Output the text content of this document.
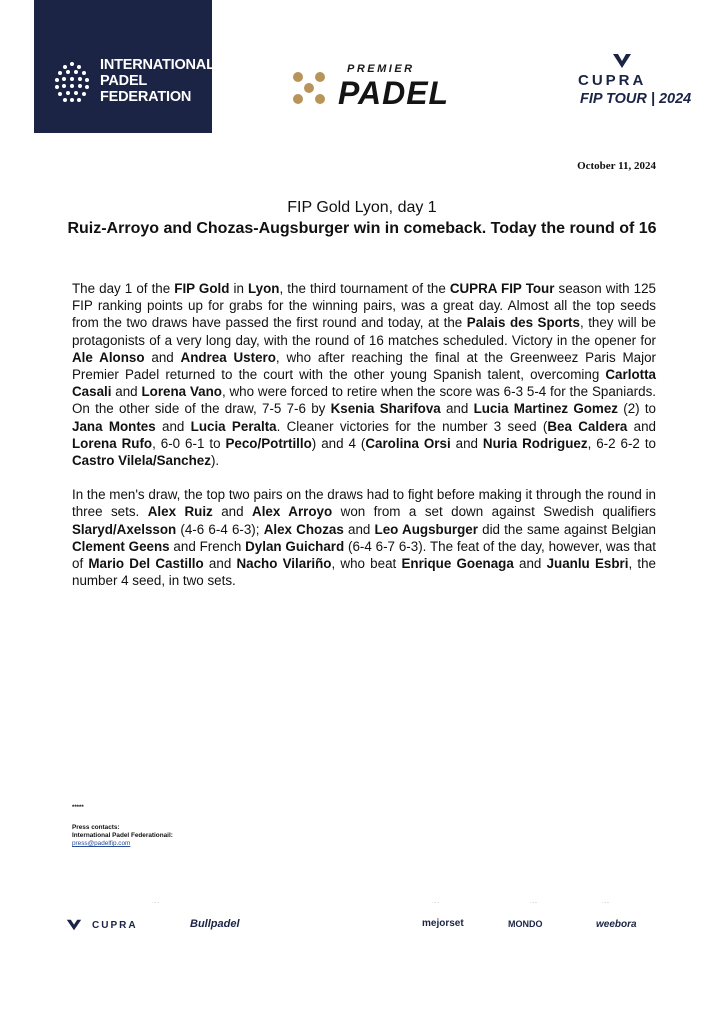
INTERNATIONAL
PADEL
FEDERATION
PREMIER
PADEL	CUPRA
FIP TOUR | 2024
October 11, 2024
FIP Gold Lyon, day 1
Ruiz-Arroyo and Chozas-Augsburger win in comeback. Today the round of 16

The day 1 of the FIP Gold in Lyon, the third tournament of the CUPRA FIP Tour season with 125 FIP ranking points up for grabs for the winning pairs, was a great day. Almost all the top seeds from the two draws have passed the first round and today, at the Palais des Sports, they will be protagonists of a very long day, with the round of 16 matches scheduled. Victory in the opener for Ale Alonso and Andrea Ustero, who after reaching the final at the Greenweez Paris Major Premier Padel returned to the court with the other young Spanish talent, overcoming Carlotta Casali and Lorena Vano, who were forced to retire when the score was 6-3 5-4 for the Spaniards. On the other side of the draw, 7-5 7-6 by Ksenia Sharifova and Lucia Martinez Gomez (2) to Jana Montes and Lucia Peralta. Cleaner victories for the number 3 seed (Bea Caldera and Lorena Rufo, 6-0 6-1 to Peco/Potrtillo) and 4 (Carolina Orsi and Nuria Rodriguez, 6-2 6-2 to Castro Vilela/Sanchez).

In the men's draw, the top two pairs on the draws had to fight before making it through the round in three sets. Alex Ruiz and Alex Arroyo won from a set down against Swedish qualifiers Slaryd/Axelsson (4-6 6-4 6-3); Alex Chozas and Leo Augsburger did the same against Belgian Clement Geens and French Dylan Guichard (6-4 6-7 6-3). The feat of the day, however, was that of Mario Del Castillo and Nacho Vilariño, who beat Enrique Goenaga and Juanlu Esbri, the number 4 seed, in two sets.

*****
Press contacts:
International Padel Federationail:
press@padelfip.com
·····	·····	·····	·····
CUPRA	Bullpadel	mejorset	MONDO	weebora
